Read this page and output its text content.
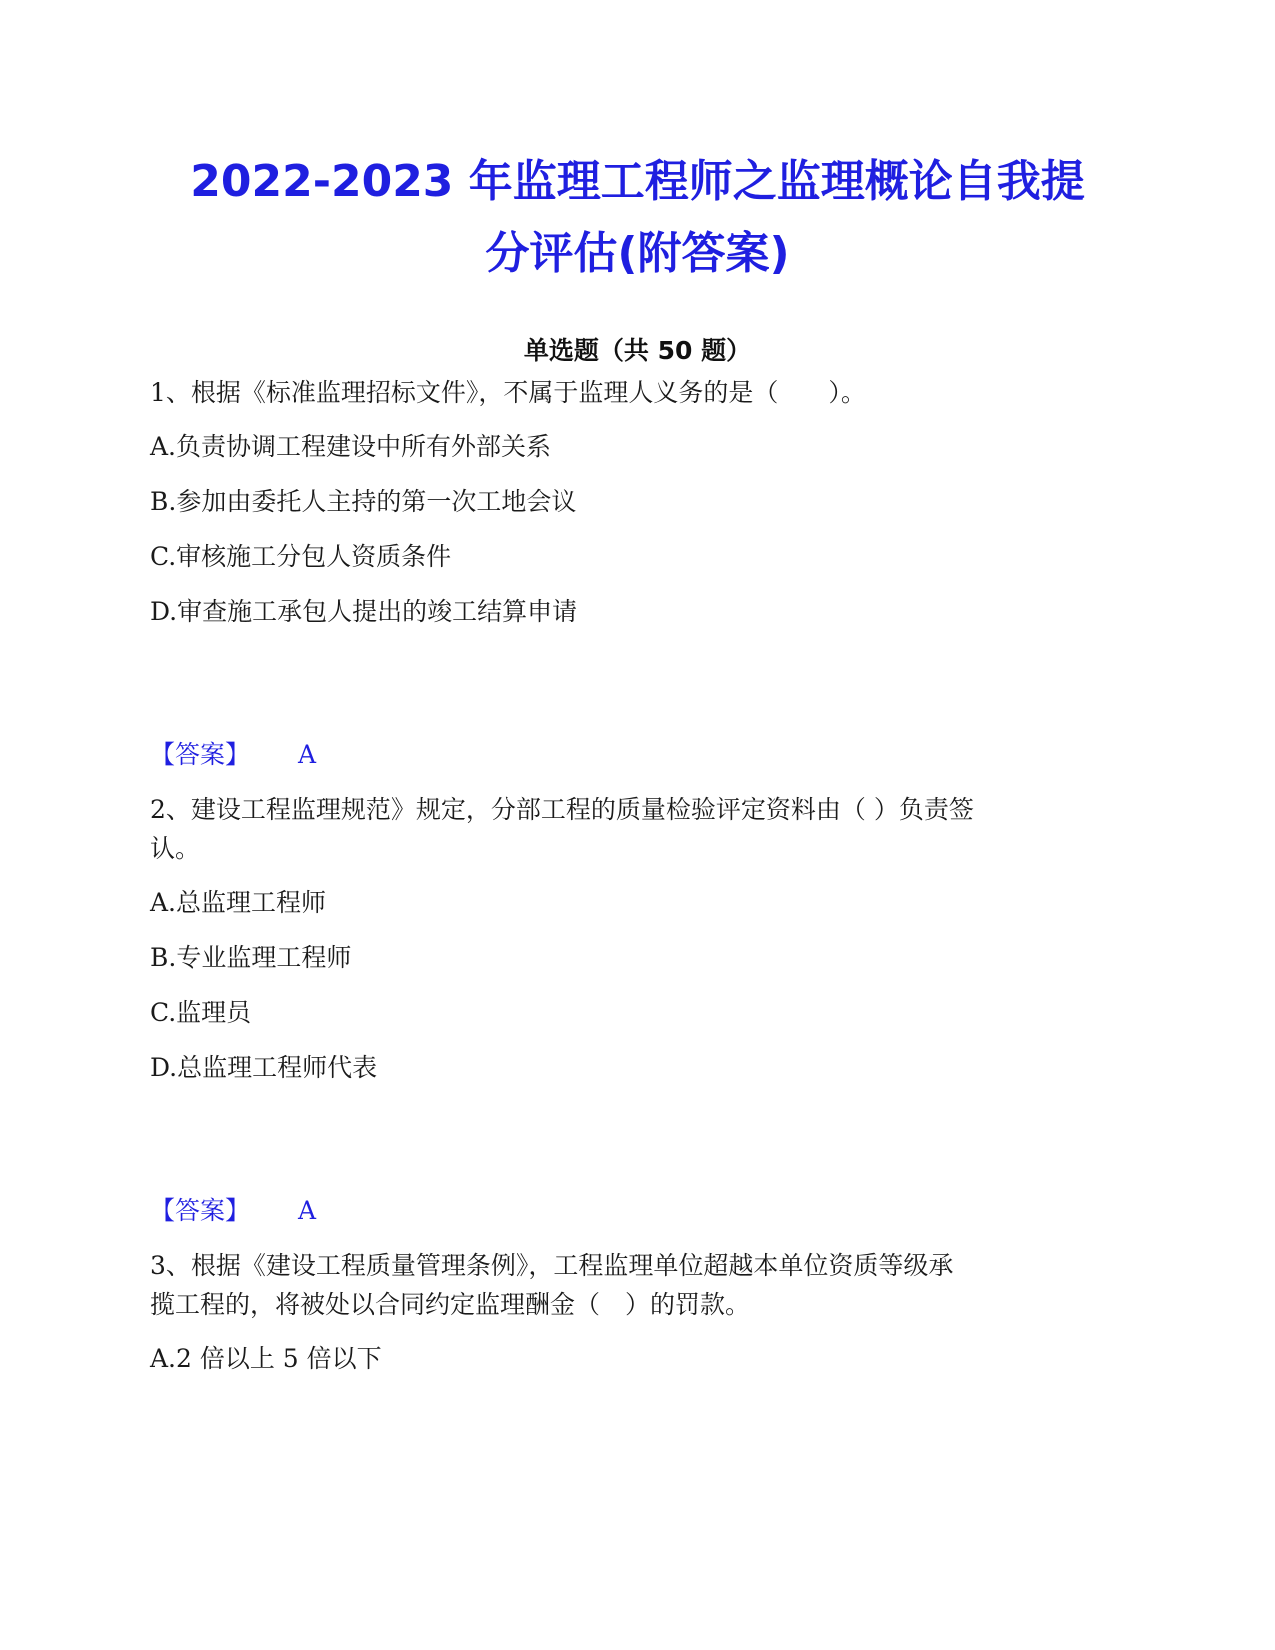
2022-2023 年监理工程师之监理概论自我提
分评估(附答案)
单选题（共 50 题）
1、根据《标准监理招标文件》，不属于监理人义务的是（　　）。
A.负责协调工程建设中所有外部关系
B.参加由委托人主持的第一次工地会议
C.审核施工分包人资质条件
D.审查施工承包人提出的竣工结算申请
【答案】 A
2、建设工程监理规范》规定，分部工程的质量检验评定资料由（ ）负责签
认。
A.总监理工程师
B.专业监理工程师
C.监理员
D.总监理工程师代表
【答案】 A
3、根据《建设工程质量管理条例》，工程监理单位超越本单位资质等级承
揽工程的，将被处以合同约定监理酬金（　）的罚款。
A.2 倍以上 5 倍以下
